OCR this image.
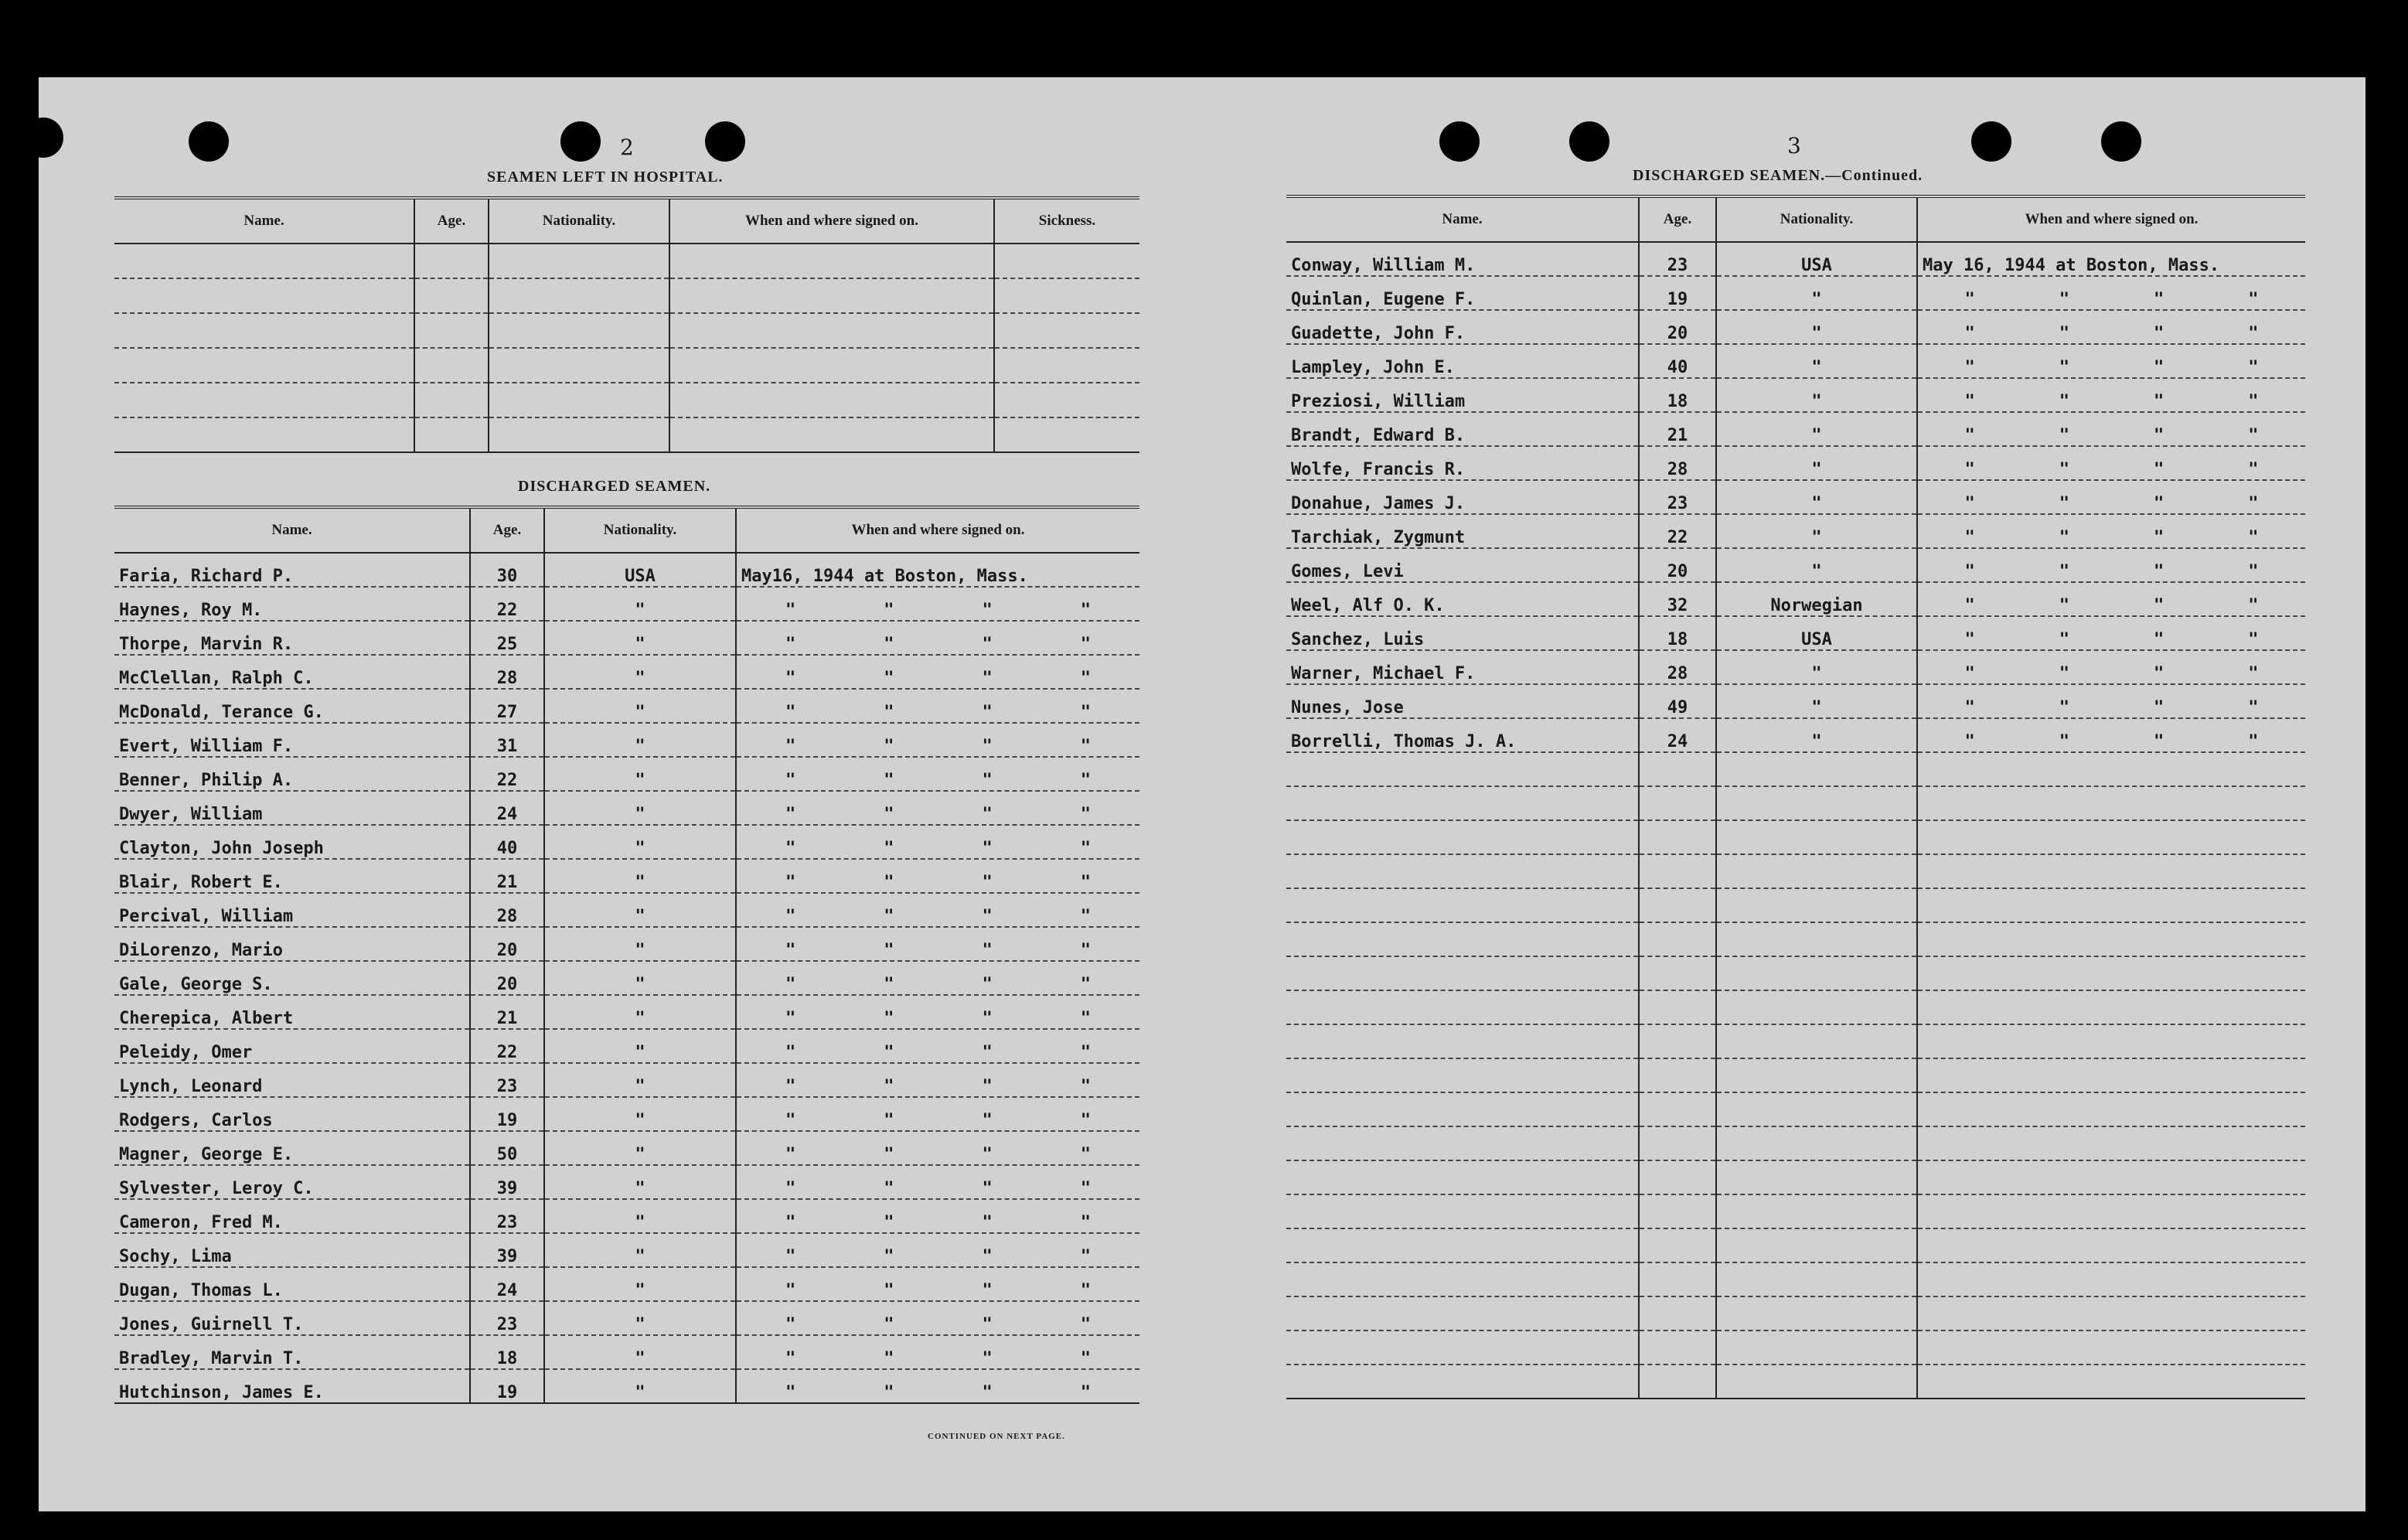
2
SEAMEN LEFT IN HOSPITAL.
Name.	Age.	Nationality.	When and where signed on.	Sickness.

DISCHARGED SEAMEN.
Name.	Age.	Nationality.	When and where signed on.
Faria, Richard P.	30	USA	May16, 1944 at Boston, Mass.
Haynes, Roy M.	22	"	" " " "

Thorpe, Marvin R.	25	"	" " " "

McClellan, Ralph C.	28	"	" " " "

McDonald, Terance G.	27	"	" " " "

Evert, William F.	31	"	" " " "

Benner, Philip A.	22	"	" " " "

Dwyer, William	24	"	" " " "

Clayton, John Joseph	40	"	" " " "

Blair, Robert E.	21	"	" " " "

Percival, William	28	"	" " " "

DiLorenzo, Mario	20	"	" " " "

Gale, George S.	20	"	" " " "

Cherepica, Albert	21	"	" " " "

Peleidy, Omer	22	"	" " " "

Lynch, Leonard	23	"	" " " "

Rodgers, Carlos	19	"	" " " "

Magner, George E.	50	"	" " " "

Sylvester, Leroy C.	39	"	" " " "

Cameron, Fred M.	23	"	" " " "

Sochy, Lima	39	"	" " " "

Dugan, Thomas L.	24	"	" " " "

Jones, Guirnell T.	23	"	" " " "

Bradley, Marvin T.	18	"	" " " "

Hutchinson, James E.	19	"	" " " "
CONTINUED ON NEXT PAGE.
3
DISCHARGED SEAMEN.—Continued.
Name.	Age.	Nationality.	When and where signed on.
Conway, William M.	23	USA	May 16, 1944 at Boston, Mass.
Quinlan, Eugene F.	19	"	" " " "

Guadette, John F.	20	"	" " " "

Lampley, John E.	40	"	" " " "

Preziosi, William	18	"	" " " "

Brandt, Edward B.	21	"	" " " "

Wolfe, Francis R.	28	"	" " " "

Donahue, James J.	23	"	" " " "

Tarchiak, Zygmunt	22	"	" " " "

Gomes, Levi	20	"	" " " "

Weel, Alf O. K.	32	Norwegian	" " " "

Sanchez, Luis	18	USA	" " " "

Warner, Michael F.	28	"	" " " "

Nunes, Jose	49	"	" " " "

Borrelli, Thomas J. A.	24	"	" " " "
